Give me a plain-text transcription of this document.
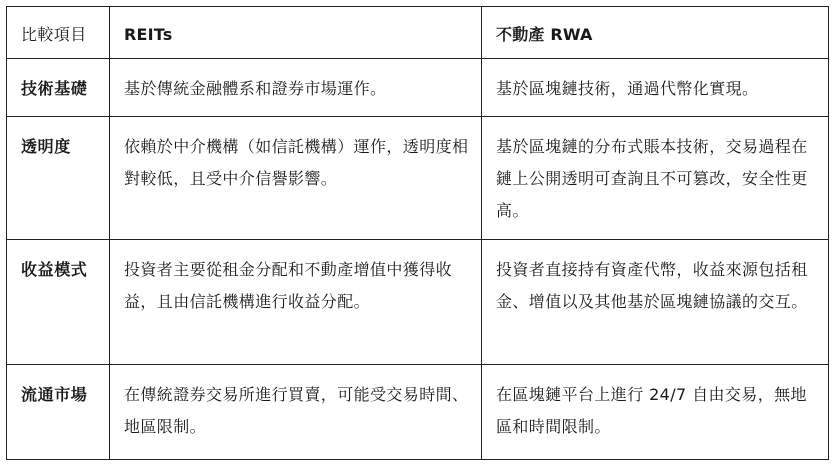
比較項目	REITs	不動產 RWA
技術基礎	基於傳統金融體系和證券市場運作。	基於區塊鏈技術，通過代幣化實現。
透明度	依賴於中介機構（如信託機構）運作，透明度相對較低，且受中介信譽影響。	基於區塊鏈的分布式賬本技術，交易過程在鏈上公開透明可查詢且不可篡改，安全性更高。
收益模式	投資者主要從租金分配和不動產增值中獲得收益，且由信託機構進行收益分配。	投資者直接持有資產代幣，收益來源包括租金、增值以及其他基於區塊鏈協議的交互。
流通市場	在傳統證券交易所進行買賣，可能受交易時間、地區限制。	在區塊鏈平台上進行 24/7 自由交易，無地區和時間限制。
